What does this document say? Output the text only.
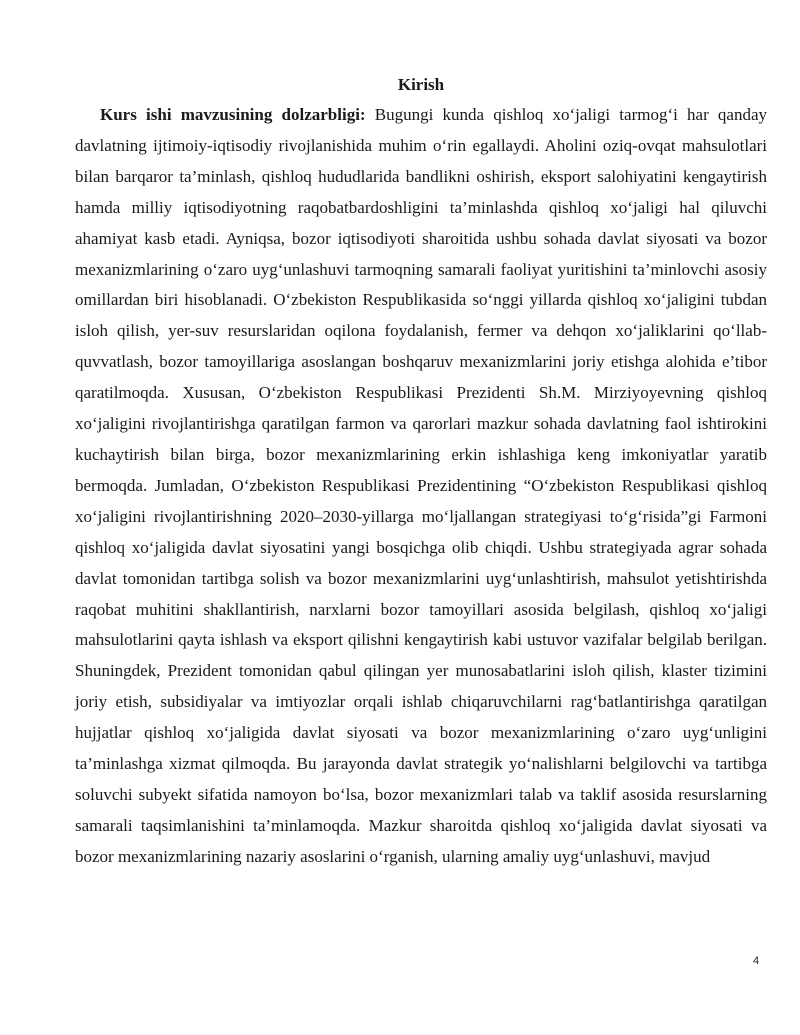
Kirish

Kurs ishi mavzusining dolzarbligi: Bugungi kunda qishloq xo‘jaligi tarmog‘i har qanday davlatning ijtimoiy-iqtisodiy rivojlanishida muhim o‘rin egallaydi. Aholini oziq-ovqat mahsulotlari bilan barqaror ta’minlash, qishloq hududlarida bandlikni oshirish, eksport salohiyatini kengaytirish hamda milliy iqtisodiyotning raqobatbardoshligini ta’minlashda qishloq xo‘jaligi hal qiluvchi ahamiyat kasb etadi. Ayniqsa, bozor iqtisodiyoti sharoitida ushbu sohada davlat siyosati va bozor mexanizmlarining o‘zaro uyg‘unlashuvi tarmoqning samarali faoliyat yuritishini ta’minlovchi asosiy omillardan biri hisoblanadi. O‘zbekiston Respublikasida so‘nggi yillarda qishloq xo‘jaligini tubdan isloh qilish, yer-suv resurslaridan oqilona foydalanish, fermer va dehqon xo‘jaliklarini qo‘llab-quvvatlash, bozor tamoyillariga asoslangan boshqaruv mexanizmlarini joriy etishga alohida e’tibor qaratilmoqda. Xususan, O‘zbekiston Respublikasi Prezidenti Sh.M. Mirziyoyevning qishloq xo‘jaligini rivojlantirishga qaratilgan farmon va qarorlari mazkur sohada davlatning faol ishtirokini kuchaytirish bilan birga, bozor mexanizmlarining erkin ishlashiga keng imkoniyatlar yaratib bermoqda. Jumladan, O‘zbekiston Respublikasi Prezidentining “O‘zbekiston Respublikasi qishloq xo‘jaligini rivojlantirishning 2020–2030-yillarga mo‘ljallangan strategiyasi to‘g‘risida”gi Farmoni qishloq xo‘jaligida davlat siyosatini yangi bosqichga olib chiqdi. Ushbu strategiyada agrar sohada davlat tomonidan tartibga solish va bozor mexanizmlarini uyg‘unlashtirish, mahsulot yetishtirishda raqobat muhitini shakllantirish, narxlarni bozor tamoyillari asosida belgilash, qishloq xo‘jaligi mahsulotlarini qayta ishlash va eksport qilishni kengaytirish kabi ustuvor vazifalar belgilab berilgan. Shuningdek, Prezident tomonidan qabul qilingan yer munosabatlarini isloh qilish, klaster tizimini joriy etish, subsidiyalar va imtiyozlar orqali ishlab chiqaruvchilarni rag‘batlantirishga qaratilgan hujjatlar qishloq xo‘jaligida davlat siyosati va bozor mexanizmlarining o‘zaro uyg‘unligini ta’minlashga xizmat qilmoqda. Bu jarayonda davlat strategik yo‘nalishlarni belgilovchi va tartibga soluvchi subyekt sifatida namoyon bo‘lsa, bozor mexanizmlari talab va taklif asosida resurslarning samarali taqsimlanishini ta’minlamoqda. Mazkur sharoitda qishloq xo‘jaligida davlat siyosati va bozor mexanizmlarining nazariy asoslarini o‘rganish, ularning amaliy uyg‘unlashuvi, mavjud

4
